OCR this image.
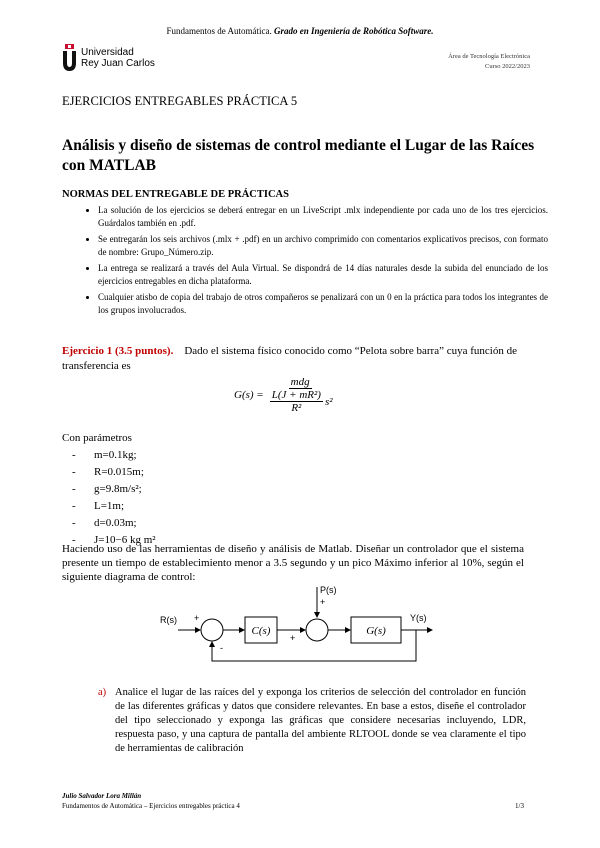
Fundamentos de Automática. Grado en Ingeniería de Robótica Software.
Universidad
Rey Juan Carlos
Área de Tecnología Electrónica
Curso 2022/2023
EJERCICIOS ENTREGABLES PRÁCTICA 5
Análisis y diseño de sistemas de control mediante el Lugar de las Raíces con MATLAB
NORMAS DEL ENTREGABLE DE PRÁCTICAS
• La solución de los ejercicios se deberá entregar en un LiveScript .mlx independiente por cada uno de los tres ejercicios. Guárdalos también en .pdf.
• Se entregarán los seis archivos (.mlx + .pdf) en un archivo comprimido con comentarios explicativos precisos, con formato de nombre: Grupo_Número.zip.
• La entrega se realizará a través del Aula Virtual. Se dispondrá de 14 días naturales desde la subida del enunciado de los ejercicios entregables en dicha plataforma.
• Cualquier atisbo de copia del trabajo de otros compañeros se penalizará con un 0 en la práctica para todos los integrantes de los grupos involucrados.
Ejercicio 1 (3.5 puntos). Dado el sistema físico conocido como “Pelota sobre barra” cuya función de transferencia es
$G(s) = \frac{\text{mdg}}{\frac{\text{L(J + mR²)}}{\text{R²}} s^2}$
Con parámetros
- m=0.1kg;
- R=0.015m;
- g=9.8m/s²;
- L=1m;
- d=0.03m;
- J=10−6 kg m²
Haciendo uso de las herramientas de diseño y análisis de Matlab. Diseñar un controlador que el sistema presente un tiempo de establecimiento menor a 3.5 segundo y un pico Máximo inferior al 10%, según el siguiente diagrama de control:
R(s) +
-
C(s)
+
P(s)
+
G(s)
Y(s)
a) Analice el lugar de las raíces del y exponga los criterios de selección del controlador en función de las diferentes gráficas y datos que considere relevantes. En base a estos, diseñe el controlador del tipo seleccionado y exponga las gráficas que considere necesarias incluyendo, LDR, respuesta paso, y una captura de pantalla del ambiente RLTOOL donde se vea claramente el tipo de herramientas de calibración
Julio Salvador Lora Millán
Fundamentos de Automática – Ejercicios entregables práctica 4	1/3
